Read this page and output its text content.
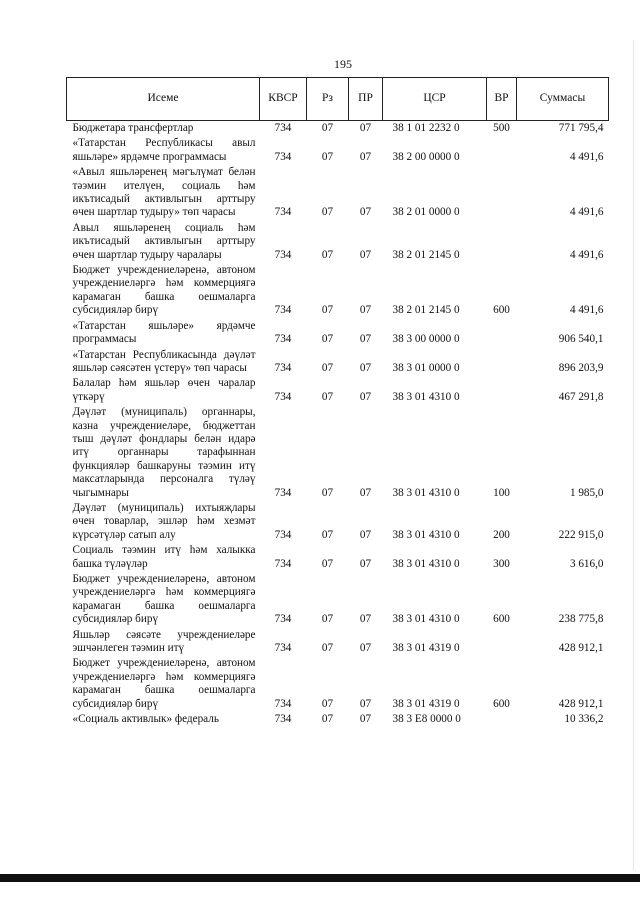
195
Исеме	КВСР	Рз	ПР	ЦСР	ВР	Суммасы
Бюджетара трансфертлар	734	07	07	38 1 01 2232 0	500	771 795,4
«Татарстан Республикасы авыл яшьләре» ярдәмче программасы	734	07	07	38 2 00 0000 0		4 491,6
«Авыл яшьләренең мәгълүмат белән тәэмин ителүен, социаль һәм икътисадый активлыгын арттыру өчен шартлар тудыру» төп чарасы	734	07	07	38 2 01 0000 0		4 491,6
Авыл яшьләренең социаль һәм икътисадый активлыгын арттыру өчен шартлар тудыру чаралары	734	07	07	38 2 01 2145 0		4 491,6
Бюджет учреждениеләренә, автоном учреждениеләргә һәм коммерциягә карамаган башка оешмаларга субсидияләр бирү	734	07	07	38 2 01 2145 0	600	4 491,6
«Татарстан яшьләре» ярдәмче программасы	734	07	07	38 3 00 0000 0		906 540,1
«Татарстан Республикасында дәүләт яшьләр сәясәтен үстерү» төп чарасы	734	07	07	38 3 01 0000 0		896 203,9
Балалар һәм яшьләр өчен чаралар үткәрү	734	07	07	38 3 01 4310 0		467 291,8
Дәүләт (муниципаль) органнары, казна учреждениеләре, бюджеттан тыш дәүләт фондлары белән идарә итү органнары тарафыннан функцияләр башкаруны тәэмин итү максатларында персоналга түләү чыгымнары	734	07	07	38 3 01 4310 0	100	1 985,0
Дәүләт (муниципаль) ихтыяҗлары өчен товарлар, эшләр һәм хезмәт күрсәтүләр сатып алу	734	07	07	38 3 01 4310 0	200	222 915,0
Социаль тәэмин итү һәм халыкка башка түләүләр	734	07	07	38 3 01 4310 0	300	3 616,0
Бюджет учреждениеләренә, автоном учреждениеләргә һәм коммерциягә карамаган башка оешмаларга субсидияләр бирү	734	07	07	38 3 01 4310 0	600	238 775,8
Яшьләр сәясәте учреждениеләре эшчәнлеген тәэмин итү	734	07	07	38 3 01 4319 0		428 912,1
Бюджет учреждениеләренә, автоном учреждениеләргә һәм коммерциягә карамаган башка оешмаларга субсидияләр бирү	734	07	07	38 3 01 4319 0	600	428 912,1
«Социаль активлык» федераль	734	07	07	38 3 E8 0000 0		10 336,2
